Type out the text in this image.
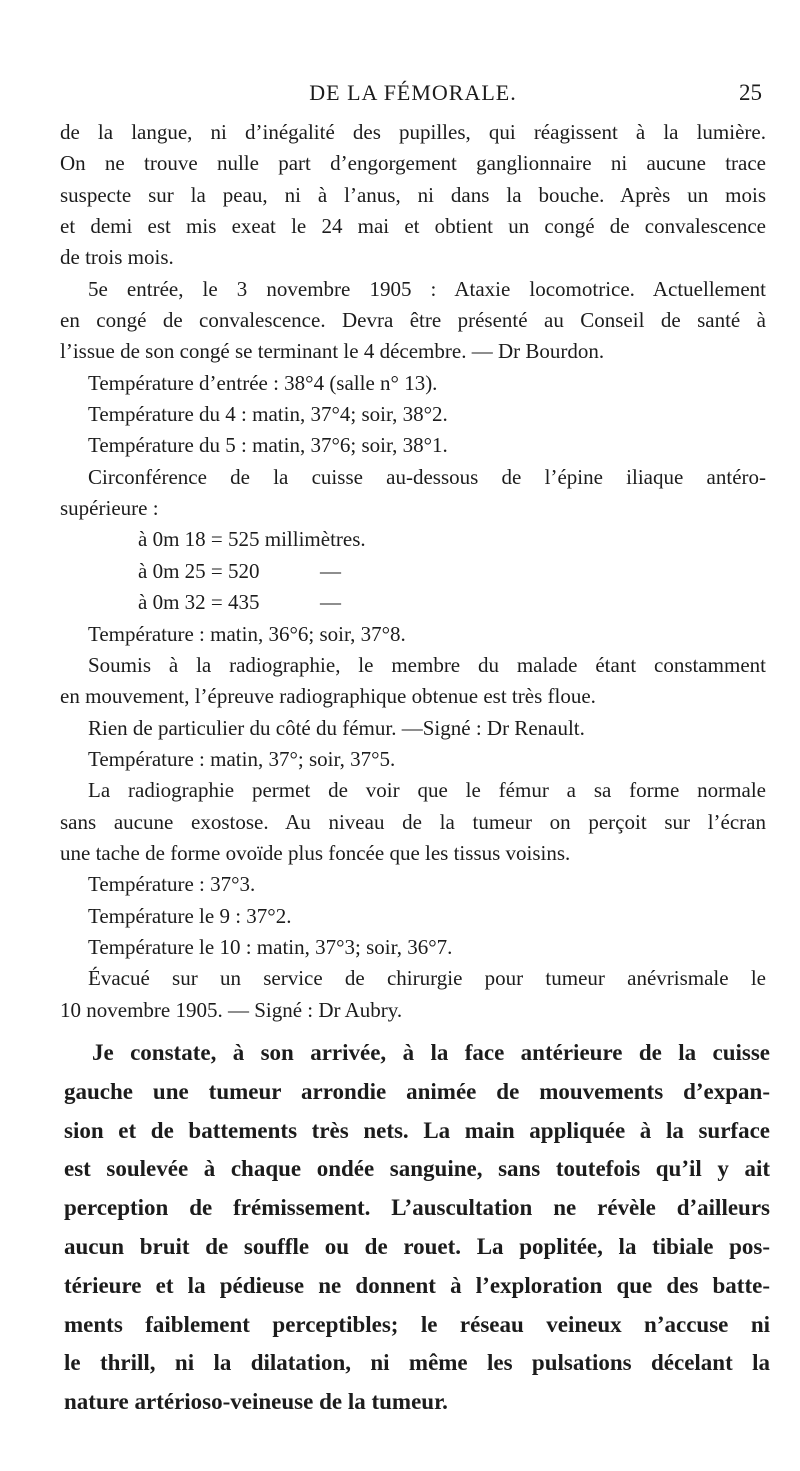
DE LA FÉMORALE.	25
de la langue, ni d’inégalité des pupilles, qui réagissent à la lumière.
On ne trouve nulle part d’engorgement ganglionnaire ni aucune trace
suspecte sur la peau, ni à l’anus, ni dans la bouche. Après un mois
et demi est mis exeat le 24 mai et obtient un congé de convalescence
de trois mois.
5e entrée, le 3 novembre 1905 : Ataxie locomotrice. Actuellement
en congé de convalescence. Devra être présenté au Conseil de santé à
l’issue de son congé se terminant le 4 décembre. — Dr Bourdon.
Température d’entrée : 38°4 (salle n° 13).
Température du 4 : matin, 37°4; soir, 38°2.
Température du 5 : matin, 37°6; soir, 38°1.
Circonférence de la cuisse au-dessous de l’épine iliaque antéro-
supérieure :
à 0m 18 = 525 millimètres.
à 0m 25 = 520	—
à 0m 32 = 435	—
Température : matin, 36°6; soir, 37°8.
Soumis à la radiographie, le membre du malade étant constamment
en mouvement, l’épreuve radiographique obtenue est très floue.
Rien de particulier du côté du fémur. —Signé : Dr Renault.
Température : matin, 37°; soir, 37°5.
La radiographie permet de voir que le fémur a sa forme normale
sans aucune exostose. Au niveau de la tumeur on perçoit sur l’écran
une tache de forme ovoïde plus foncée que les tissus voisins.
Température : 37°3.
Température le 9 : 37°2.
Température le 10 : matin, 37°3; soir, 36°7.
Évacué sur un service de chirurgie pour tumeur anévrismale le
10 novembre 1905. — Signé : Dr Aubry.
Je constate, à son arrivée, à la face antérieure de la cuisse
gauche une tumeur arrondie animée de mouvements d’expan-
sion et de battements très nets. La main appliquée à la surface
est soulevée à chaque ondée sanguine, sans toutefois qu’il y ait
perception de frémissement. L’auscultation ne révèle d’ailleurs
aucun bruit de souffle ou de rouet. La poplitée, la tibiale pos-
térieure et la pédieuse ne donnent à l’exploration que des batte-
ments faiblement perceptibles; le réseau veineux n’accuse ni
le thrill, ni la dilatation, ni même les pulsations décelant la
nature artérioso-veineuse de la tumeur.
